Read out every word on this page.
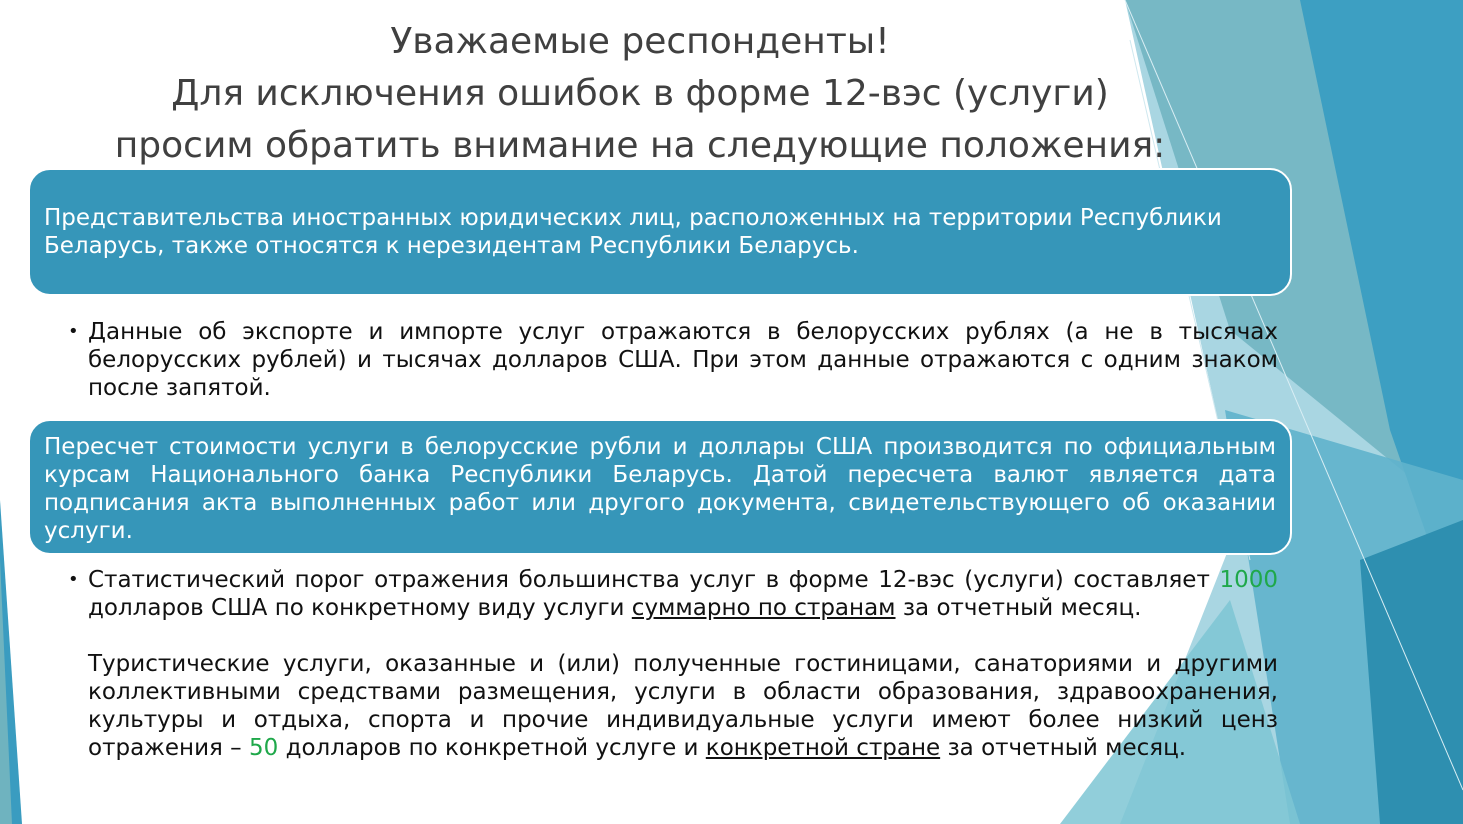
Уважаемые респонденты!
Для исключения ошибок в форме 12-вэс (услуги)
просим обратить внимание на следующие положения:

Представительства иностранных юридических лиц, расположенных на территории Республики Беларусь, также относятся к нерезидентам Республики Беларусь.

• Данные об экспорте и импорте услуг отражаются в белорусских рублях (а не в тысячах белорусских рублей) и тысячах долларов США. При этом данные отражаются с одним знаком после запятой.

Пересчет стоимости услуги в белорусские рубли и доллары США производится по официальным курсам Национального банка Республики Беларусь. Датой пересчета валют является дата подписания акта выполненных работ или другого документа, свидетельствующего об оказании услуги.

• Статистический порог отражения большинства услуг в форме 12-вэс (услуги) составляет 1000 долларов США по конкретному виду услуги суммарно по странам за отчетный месяц.

Туристические услуги, оказанные и (или) полученные гостиницами, санаториями и другими коллективными средствами размещения, услуги в области образования, здравоохранения, культуры и отдыха, спорта и прочие индивидуальные услуги имеют более низкий ценз отражения – 50 долларов по конкретной услуге и конкретной стране за отчетный месяц.
